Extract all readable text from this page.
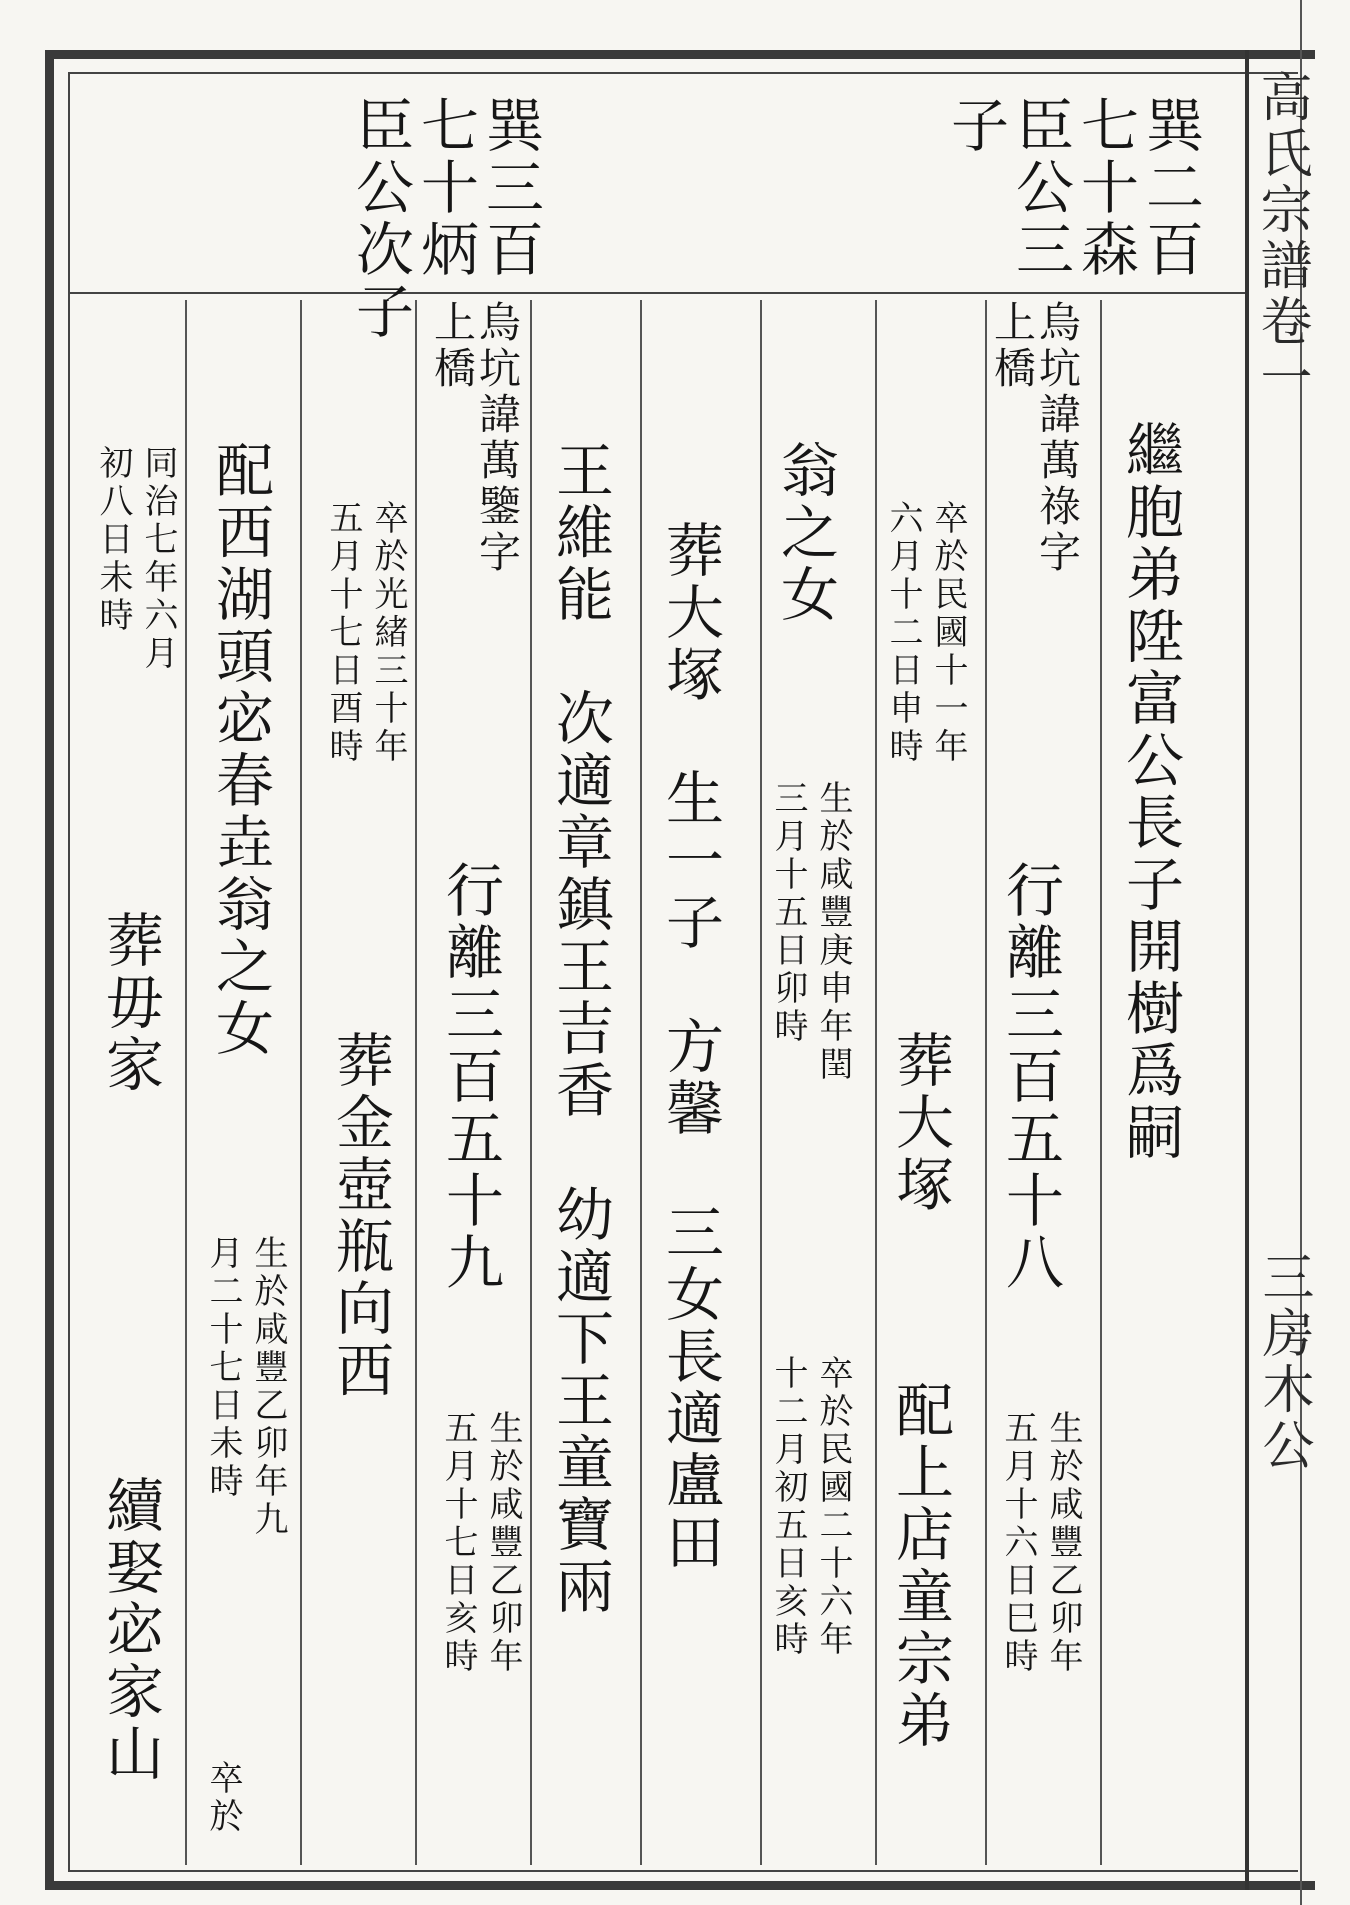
高氏宗譜卷一
三房木公
巽二百
七十森
臣公三
子
巽三百
七十炳
臣公次子
繼胞弟陞富公長子開樹爲嗣
烏坑諱萬祿字
上橋
行離三百五十八
生於咸豐乙卯年
五月十六日巳時
卒於民國十一年
六月十二日申時
葬大塚
配上店童宗弟
翁之女
生於咸豐庚申年閏
三月十五日卯時
卒於民國二十六年
十二月初五日亥時
葬大塚　生一子　方馨　三女長適盧田
王維能　次適章鎮王吉香　幼適下王童寶兩
烏坑諱萬鑒字
上橋
行離三百五十九
生於咸豐乙卯年
五月十七日亥時
卒於光緒三十年
五月十七日酉時
葬金壺瓶向西
配西湖頭宓春垚翁之女
生於咸豐乙卯年九
月二十七日未時
卒於
同治七年六月
初八日未時
葬毋家
續娶宓家山
